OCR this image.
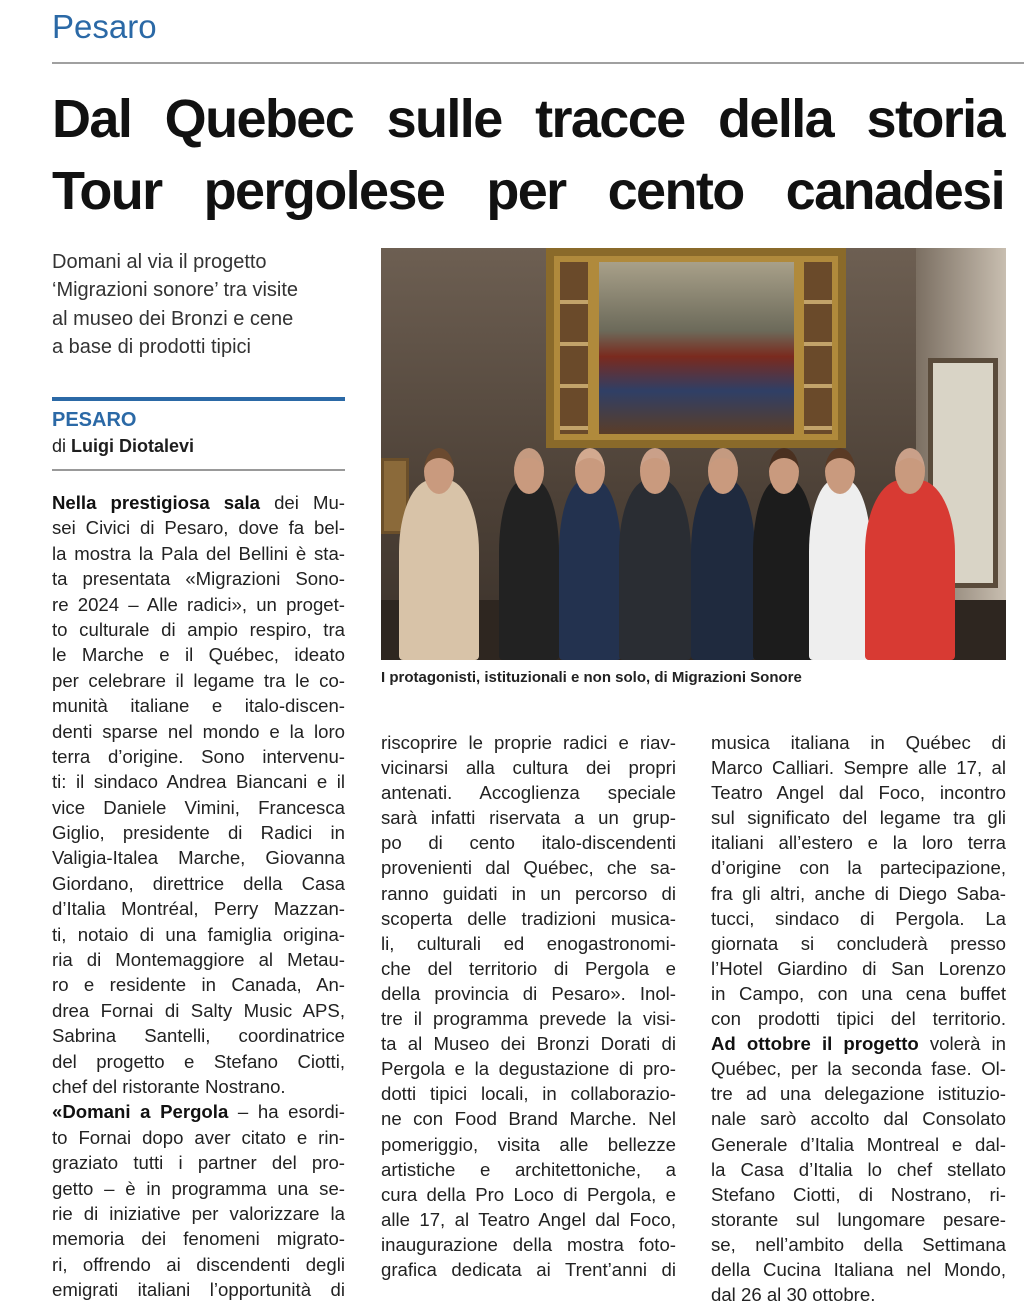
Pesaro
Dal Quebec sulle tracce della storia
Tour pergolese per cento canadesi
Domani al via il progetto
‘Migrazioni sonore’ tra visite
al museo dei Bronzi e cene
a base di prodotti tipici
PESARO
di Luigi Diotalevi
I protagonisti, istituzionali e non solo, di Migrazioni Sonore
Nella prestigiosa sala dei Mu-
sei Civici di Pesaro, dove fa bel-
la mostra la Pala del Bellini è sta-
ta presentata «Migrazioni Sono-
re 2024 – Alle radici», un proget-
to culturale di ampio respiro, tra
le Marche e il Québec, ideato
per celebrare il legame tra le co-
munità italiane e italo-discen-
denti sparse nel mondo e la loro
terra d’origine. Sono intervenu-
ti: il sindaco Andrea Biancani e il
vice Daniele Vimini, Francesca
Giglio, presidente di Radici in
Valigia-Italea Marche, Giovanna
Giordano, direttrice della Casa
d’Italia Montréal, Perry Mazzan-
ti, notaio di una famiglia origina-
ria di Montemaggiore al Metau-
ro e residente in Canada, An-
drea Fornai di Salty Music APS,
Sabrina Santelli, coordinatrice
del progetto e Stefano Ciotti,
chef del ristorante Nostrano.
«Domani a Pergola – ha esordi-
to Fornai dopo aver citato e rin-
graziato tutti i partner del pro-
getto – è in programma una se-
rie di iniziative per valorizzare la
memoria dei fenomeni migrato-
ri, offrendo ai discendenti degli
emigrati italiani l’opportunità di
riscoprire le proprie radici e riav-
vicinarsi alla cultura dei propri
antenati. Accoglienza speciale
sarà infatti riservata a un grup-
po di cento italo-discendenti
provenienti dal Québec, che sa-
ranno guidati in un percorso di
scoperta delle tradizioni musica-
li, culturali ed enogastronomi-
che del territorio di Pergola e
della provincia di Pesaro». Inol-
tre il programma prevede la visi-
ta al Museo dei Bronzi Dorati di
Pergola e la degustazione di pro-
dotti tipici locali, in collaborazio-
ne con Food Brand Marche. Nel
pomeriggio, visita alle bellezze
artistiche e architettoniche, a
cura della Pro Loco di Pergola, e
alle 17, al Teatro Angel dal Foco,
inaugurazione della mostra foto-
grafica dedicata ai Trent’anni di
musica italiana in Québec di
Marco Calliari. Sempre alle 17, al
Teatro Angel dal Foco, incontro
sul significato del legame tra gli
italiani all’estero e la loro terra
d’origine con la partecipazione,
fra gli altri, anche di Diego Saba-
tucci, sindaco di Pergola. La
giornata si concluderà presso
l’Hotel Giardino di San Lorenzo
in Campo, con una cena buffet
con prodotti tipici del territorio.
Ad ottobre il progetto volerà in
Québec, per la seconda fase. Ol-
tre ad una delegazione istituzio-
nale sarò accolto dal Consolato
Generale d’Italia Montreal e dal-
la Casa d’Italia lo chef stellato
Stefano Ciotti, di Nostrano, ri-
storante sul lungomare pesare-
se, nell’ambito della Settimana
della Cucina Italiana nel Mondo,
dal 26 al 30 ottobre.
